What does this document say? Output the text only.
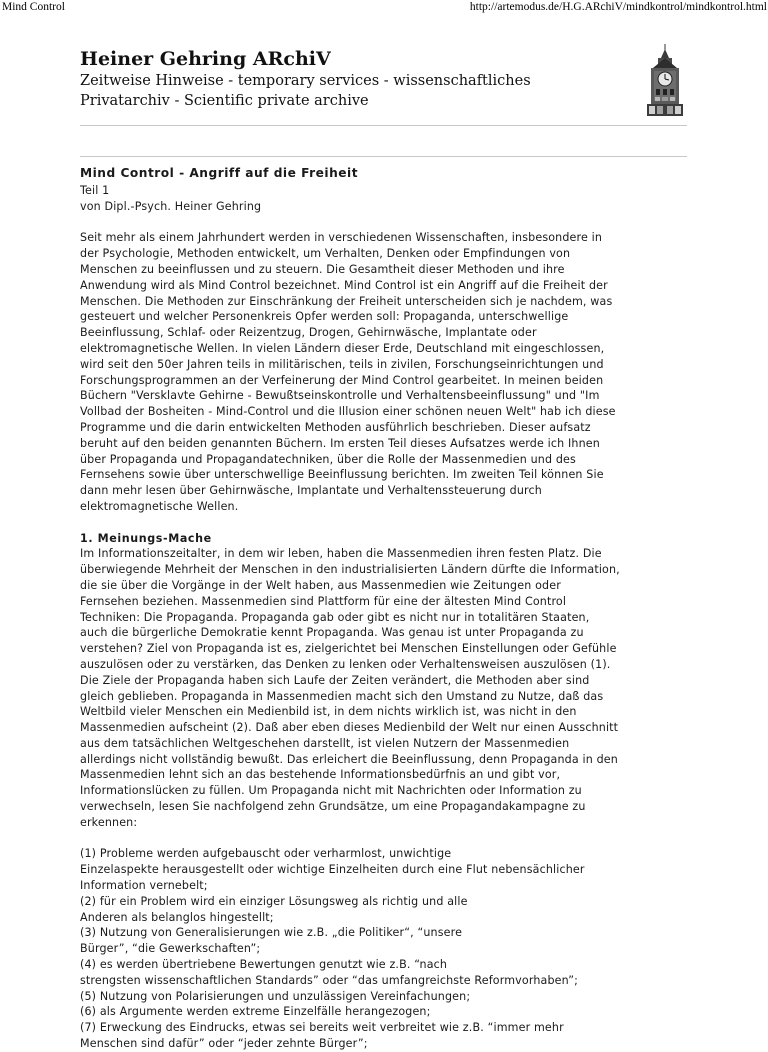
Mind Control	http://artemodus.de/H.G.ARchiV/mindkontrol/mindkontrol.html
Heiner Gehring ARchiV
Zeitweise Hinweise - temporary services - wissenschaftliches
Privatarchiv - Scientific private archive
Mind Control - Angriff auf die Freiheit
Teil 1
von Dipl.-Psych. Heiner Gehring
Seit mehr als einem Jahrhundert werden in verschiedenen Wissenschaften, insbesondere in
der Psychologie, Methoden entwickelt, um Verhalten, Denken oder Empfindungen von
Menschen zu beeinflussen und zu steuern. Die Gesamtheit dieser Methoden und ihre
Anwendung wird als Mind Control bezeichnet. Mind Control ist ein Angriff auf die Freiheit der
Menschen. Die Methoden zur Einschränkung der Freiheit unterscheiden sich je nachdem, was
gesteuert und welcher Personenkreis Opfer werden soll: Propaganda, unterschwellige
Beeinflussung, Schlaf- oder Reizentzug, Drogen, Gehirnwäsche, Implantate oder
elektromagnetische Wellen. In vielen Ländern dieser Erde, Deutschland mit eingeschlossen,
wird seit den 50er Jahren teils in militärischen, teils in zivilen, Forschungseinrichtungen und
Forschungsprogrammen an der Verfeinerung der Mind Control gearbeitet. In meinen beiden
Büchern "Versklavte Gehirne - Bewußtseinskontrolle und Verhaltensbeeinflussung" und "Im
Vollbad der Bosheiten - Mind-Control und die Illusion einer schönen neuen Welt" hab ich diese
Programme und die darin entwickelten Methoden ausführlich beschrieben. Dieser aufsatz
beruht auf den beiden genannten Büchern. Im ersten Teil dieses Aufsatzes werde ich Ihnen
über Propaganda und Propagandatechniken, über die Rolle der Massenmedien und des
Fernsehens sowie über unterschwellige Beeinflussung berichten. Im zweiten Teil können Sie
dann mehr lesen über Gehirnwäsche, Implantate und Verhaltenssteuerung durch
elektromagnetische Wellen.
1. Meinungs-Mache
Im Informationszeitalter, in dem wir leben, haben die Massenmedien ihren festen Platz. Die
überwiegende Mehrheit der Menschen in den industrialisierten Ländern dürfte die Information,
die sie über die Vorgänge in der Welt haben, aus Massenmedien wie Zeitungen oder
Fernsehen beziehen. Massenmedien sind Plattform für eine der ältesten Mind Control
Techniken: Die Propaganda. Propaganda gab oder gibt es nicht nur in totalitären Staaten,
auch die bürgerliche Demokratie kennt Propaganda. Was genau ist unter Propaganda zu
verstehen? Ziel von Propaganda ist es, zielgerichtet bei Menschen Einstellungen oder Gefühle
auszulösen oder zu verstärken, das Denken zu lenken oder Verhaltensweisen auszulösen (1).
Die Ziele der Propaganda haben sich Laufe der Zeiten verändert, die Methoden aber sind
gleich geblieben. Propaganda in Massenmedien macht sich den Umstand zu Nutze, daß das
Weltbild vieler Menschen ein Medienbild ist, in dem nichts wirklich ist, was nicht in den
Massenmedien aufscheint (2). Daß aber eben dieses Medienbild der Welt nur einen Ausschnitt
aus dem tatsächlichen Weltgeschehen darstellt, ist vielen Nutzern der Massenmedien
allerdings nicht vollständig bewußt. Das erleichert die Beeinflussung, denn Propaganda in den
Massenmedien lehnt sich an das bestehende Informationsbedürfnis an und gibt vor,
Informationslücken zu füllen. Um Propaganda nicht mit Nachrichten oder Information zu
verwechseln, lesen Sie nachfolgend zehn Grundsätze, um eine Propagandakampagne zu
erkennen:
(1) Probleme werden aufgebauscht oder verharmlost, unwichtige
Einzelaspekte herausgestellt oder wichtige Einzelheiten durch eine Flut nebensächlicher
Information vernebelt;
(2) für ein Problem wird ein einziger Lösungsweg als richtig und alle
Anderen als belanglos hingestellt;
(3) Nutzung von Generalisierungen wie z.B. „die Politiker“, “unsere
Bürger”, “die Gewerkschaften”;
(4) es werden übertriebene Bewertungen genutzt wie z.B. “nach
strengsten wissenschaftlichen Standards” oder “das umfangreichste Reformvorhaben”;
(5) Nutzung von Polarisierungen und unzulässigen Vereinfachungen;
(6) als Argumente werden extreme Einzelfälle herangezogen;
(7) Erweckung des Eindrucks, etwas sei bereits weit verbreitet wie z.B. “immer mehr
Menschen sind dafür” oder “jeder zehnte Bürger”;
